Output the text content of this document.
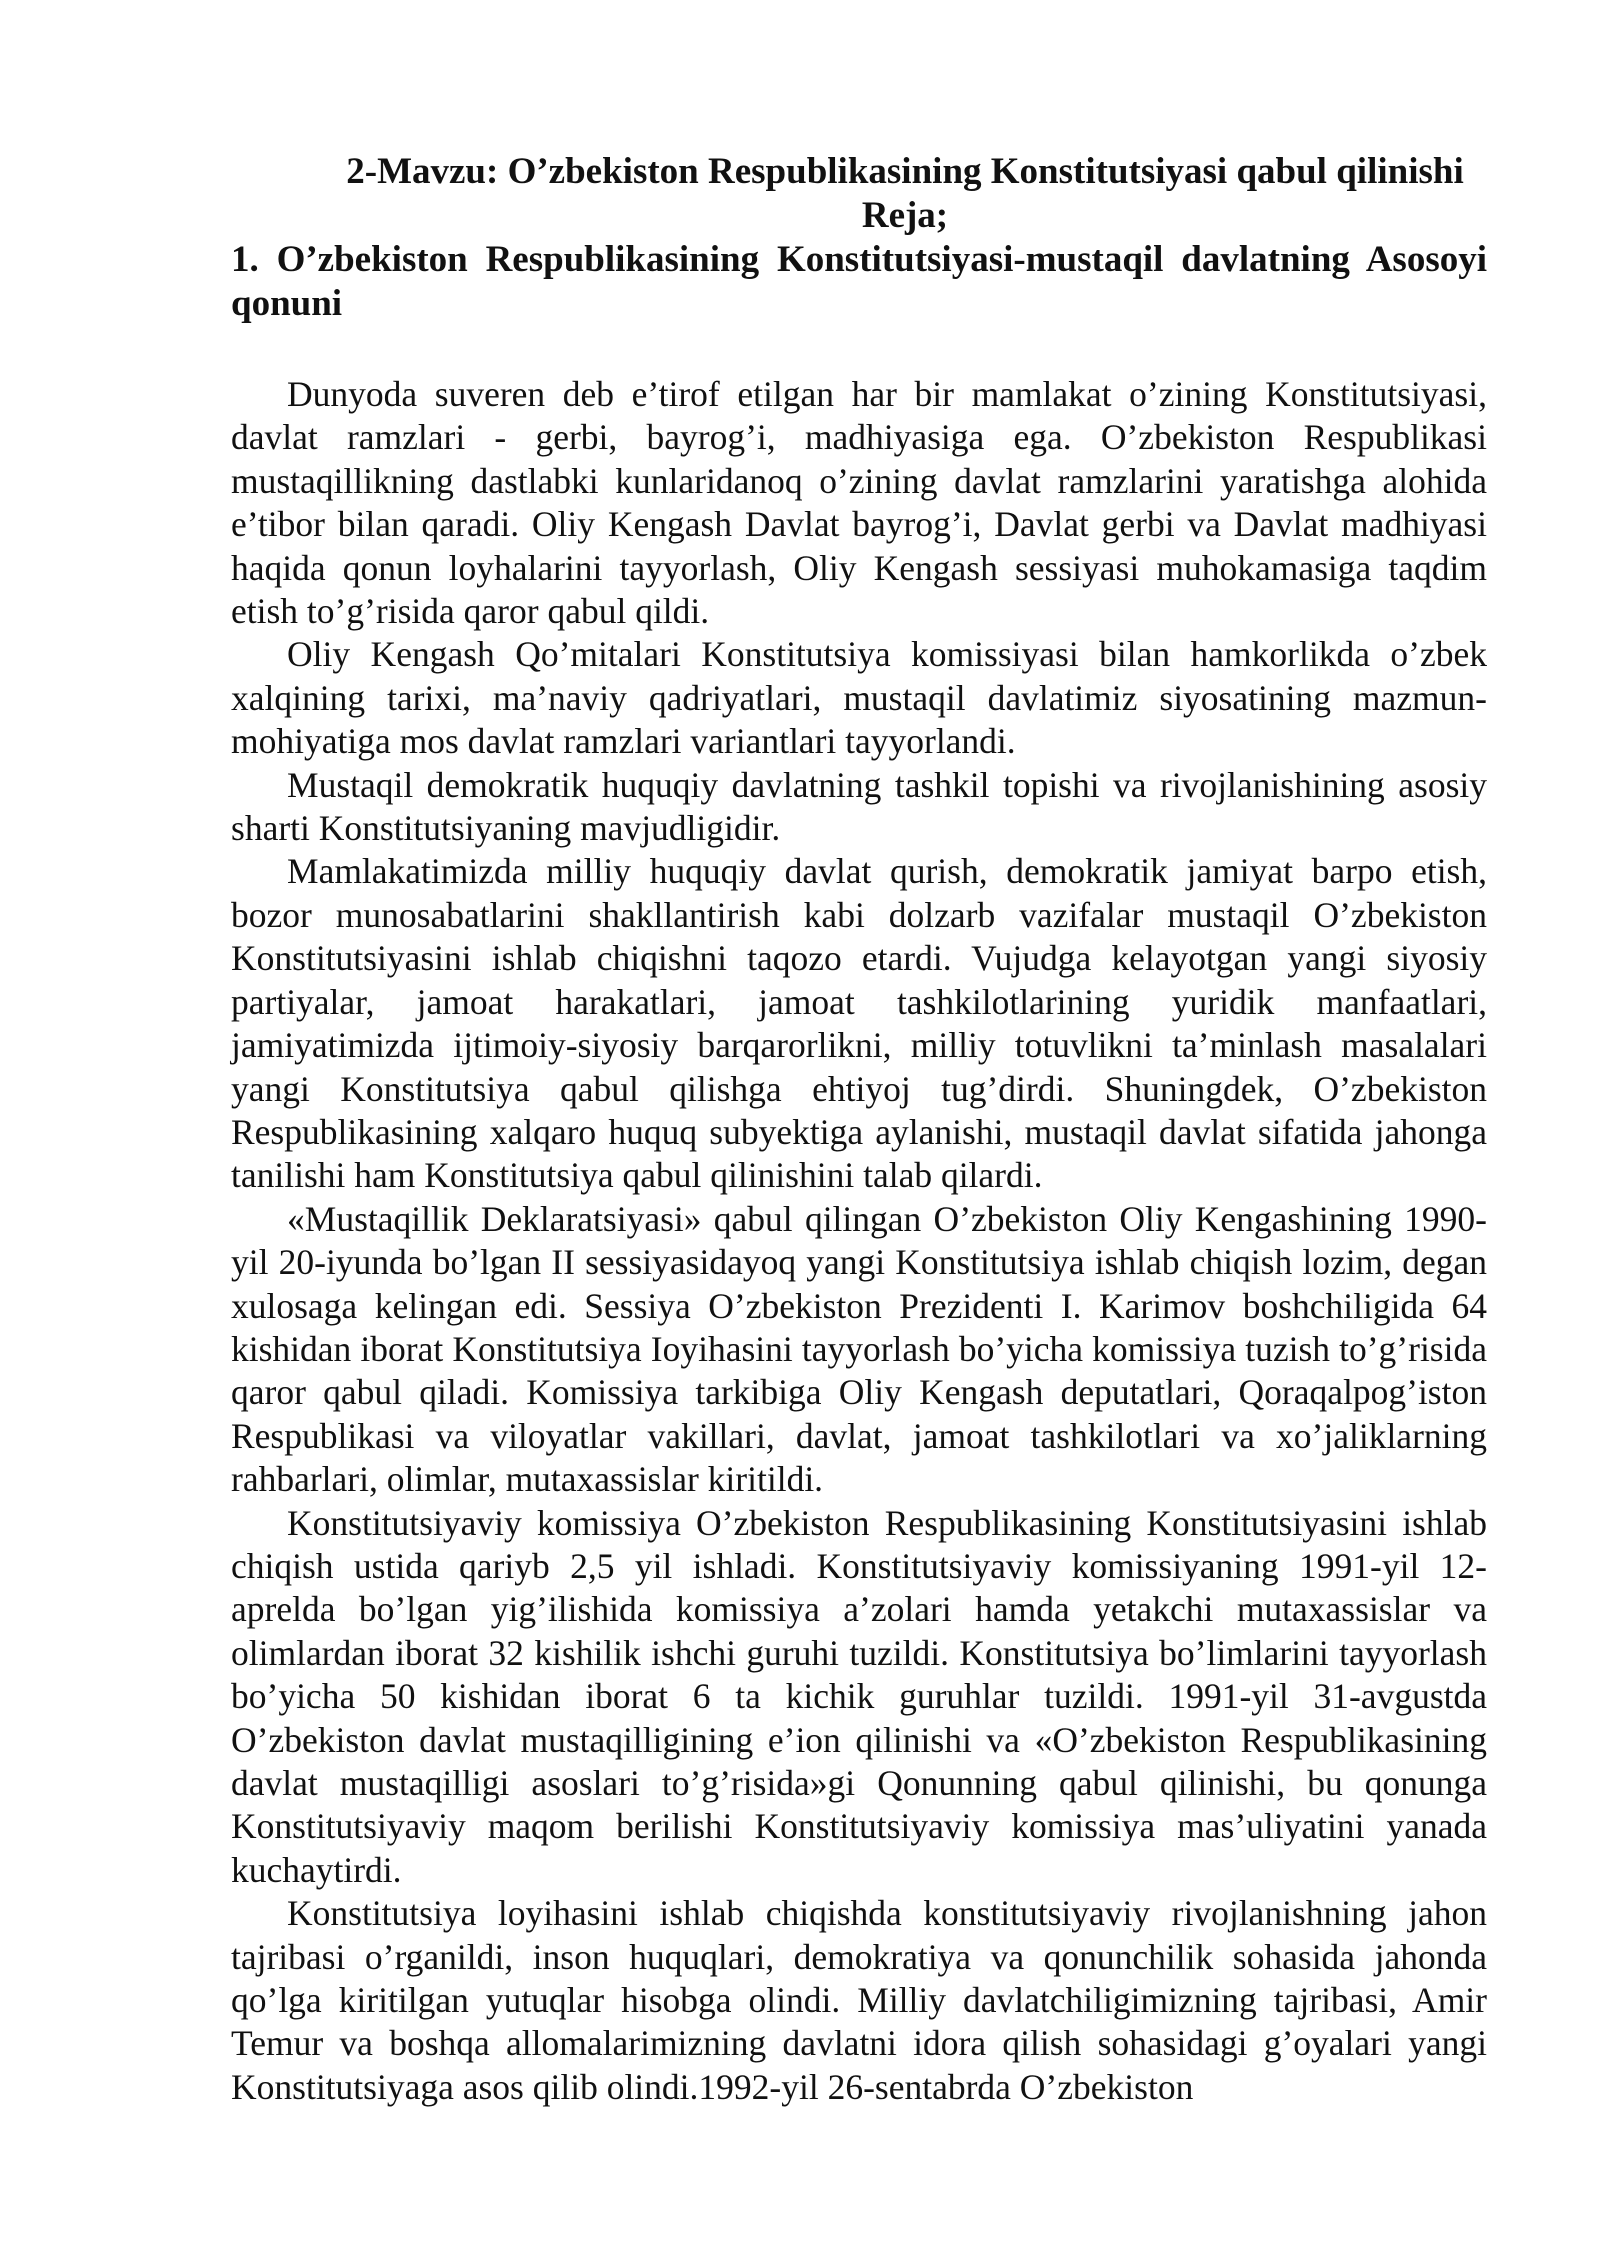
2-Mavzu: O’zbekiston Respublikasining Konstitutsiyasi qabul qilinishi
Reja;
1. O’zbekiston Respublikasining Konstitutsiyasi-mustaqil davlatning Asosoyi qonuni

Dunyoda suveren deb e’tirof etilgan har bir mamlakat o’zining Konstitutsiyasi, davlat ramzlari - gerbi, bayrog’i, madhiyasiga ega. O’zbekiston Respublikasi mustaqillikning dastlabki kunlaridanoq o’zining davlat ramzlarini yaratishga alohida e’tibor bilan qaradi. Oliy Kengash Davlat bayrog’i, Davlat gerbi va Davlat madhiyasi haqida qonun loyhalarini tayyorlash, Oliy Kengash sessiyasi muhokamasiga taqdim etish to’g’risida qaror qabul qildi.

Oliy Kengash Qo’mitalari Konstitutsiya komissiyasi bilan hamkorlikda o’zbek xalqining tarixi, ma’naviy qadriyatlari, mustaqil davlatimiz siyosatining mazmun-mohiyatiga mos davlat ramzlari variantlari tayyorlandi.

Mustaqil demokratik huquqiy davlatning tashkil topishi va rivojlanishining asosiy sharti Konstitutsiyaning mavjudligidir.

Mamlakatimizda milliy huquqiy davlat qurish, demokratik jamiyat barpo etish, bozor munosabatlarini shakllantirish kabi dolzarb vazifalar mustaqil O’zbekiston Konstitutsiyasini ishlab chiqishni taqozo etardi. Vujudga kelayotgan yangi siyosiy partiyalar, jamoat harakatlari, jamoat tashkilotlarining yuridik manfaatlari, jamiyatimizda ijtimoiy-siyosiy barqarorlikni, milliy totuvlikni ta’minlash masalalari yangi Konstitutsiya qabul qilishga ehtiyoj tug’dirdi. Shuningdek, O’zbekiston Respublikasining xalqaro huquq subyektiga aylanishi, mustaqil davlat sifatida jahonga tanilishi ham Konstitutsiya qabul qilinishini talab qilardi.

«Mustaqillik Deklaratsiyasi» qabul qilingan O’zbekiston Oliy Kengashining 1990-yil 20-iyunda bo’lgan II sessiyasidayoq yangi Konstitutsiya ishlab chiqish lozim, degan xulosaga kelingan edi. Sessiya O’zbekiston Prezidenti I. Karimov boshchiligida 64 kishidan iborat Konstitutsiya Ioyihasini tayyorlash bo’yicha komissiya tuzish to’g’risida qaror qabul qiladi. Komissiya tarkibiga Oliy Kengash deputatlari, Qoraqalpog’iston Respublikasi va viloyatlar vakillari, davlat, jamoat tashkilotlari va xo’jaliklarning rahbarlari, olimlar, mutaxassislar kiritildi.

Konstitutsiyaviy komissiya O’zbekiston Respublikasining Konstitutsiyasini ishlab chiqish ustida qariyb 2,5 yil ishladi. Konstitutsiyaviy komissiyaning 1991-yil 12-aprelda bo’lgan yig’ilishida komissiya a’zolari hamda yetakchi mutaxassislar va olimlardan iborat 32 kishilik ishchi guruhi tuzildi. Konstitutsiya bo’limlarini tayyorlash bo’yicha 50 kishidan iborat 6 ta kichik guruhlar tuzildi. 1991-yil 31-avgustda O’zbekiston davlat mustaqilligining e’ion qilinishi va «O’zbekiston Respublikasining davlat mustaqilligi asoslari to’g’risida»gi Qonunning qabul qilinishi, bu qonunga Konstitutsiyaviy maqom berilishi Konstitutsiyaviy komissiya mas’uliyatini yanada kuchaytirdi.

Konstitutsiya loyihasini ishlab chiqishda konstitutsiyaviy rivojlanishning jahon tajribasi o’rganildi, inson huquqlari, demokratiya va qonunchilik sohasida jahonda qo’lga kiritilgan yutuqlar hisobga olindi. Milliy davlatchiligimizning tajribasi, Amir Temur va boshqa allomalarimizning davlatni idora qilish sohasidagi g’oyalari yangi Konstitutsiyaga asos qilib olindi.1992-yil 26-sentabrda O’zbekiston
